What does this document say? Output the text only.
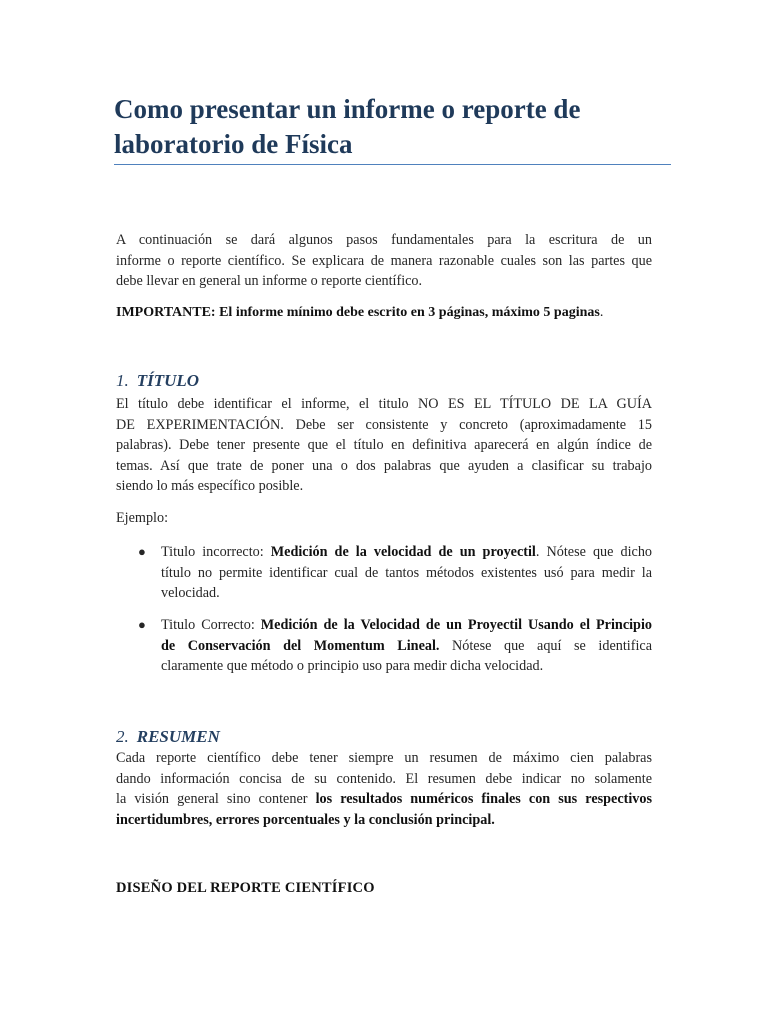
Como presentar un informe o reporte de
laboratorio de Física

A continuación se dará algunos pasos fundamentales para la escritura de un
informe o reporte científico. Se explicara de manera razonable cuales son las partes que
debe llevar en general un informe o reporte científico.

IMPORTANTE: El informe mínimo debe escrito en 3 páginas, máximo 5 paginas.
1. TÍTULO

El título debe identificar el informe, el titulo NO ES EL TÍTULO DE LA GUÍA
DE EXPERIMENTACIÓN. Debe ser consistente y concreto (aproximadamente 15
palabras). Debe tener presente que el título en definitiva aparecerá en algún índice de
temas. Así que trate de poner una o dos palabras que ayuden a clasificar su trabajo
siendo lo más específico posible.

Ejemplo:

●	Titulo incorrecto: Medición de la velocidad de un proyectil. Nótese que dicho
título no permite identificar cual de tantos métodos existentes usó para medir la
velocidad.
●	Titulo Correcto: Medición de la Velocidad de un Proyectil Usando el Principio
de Conservación del Momentum Lineal. Nótese que aquí se identifica
claramente que método o principio uso para medir dicha velocidad.
2. RESUMEN

Cada reporte científico debe tener siempre un resumen de máximo cien palabras
dando información concisa de su contenido. El resumen debe indicar no solamente
la visión general sino contener los resultados numéricos finales con sus respectivos
incertidumbres, errores porcentuales y la conclusión principal.

DISEÑO DEL REPORTE CIENTÍFICO
